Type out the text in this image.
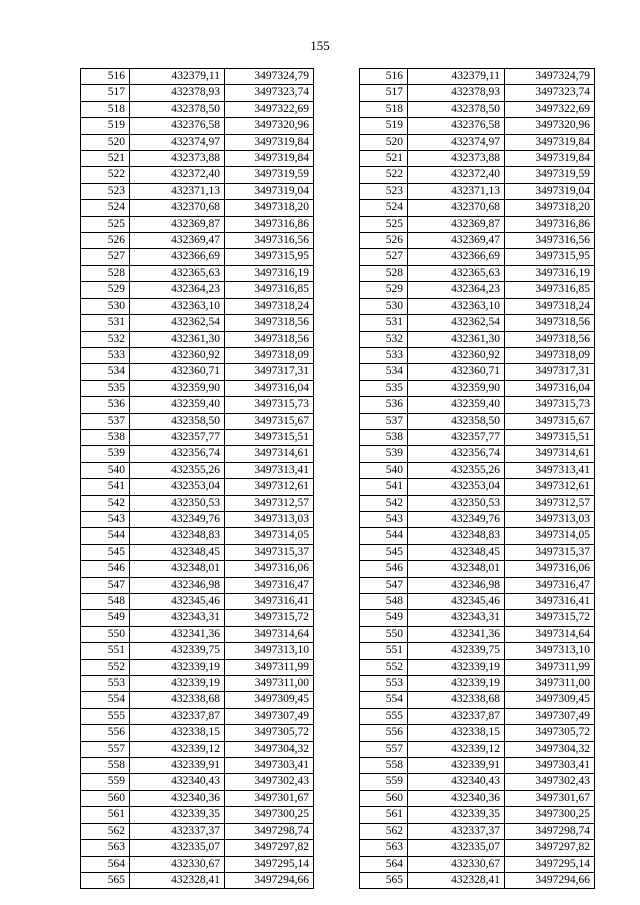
155
516	432379,11	3497324,79		516	432379,11	3497324,79
517	432378,93	3497323,74		517	432378,93	3497323,74
518	432378,50	3497322,69		518	432378,50	3497322,69
519	432376,58	3497320,96		519	432376,58	3497320,96
520	432374,97	3497319,84		520	432374,97	3497319,84
521	432373,88	3497319,84		521	432373,88	3497319,84
522	432372,40	3497319,59		522	432372,40	3497319,59
523	432371,13	3497319,04		523	432371,13	3497319,04
524	432370,68	3497318,20		524	432370,68	3497318,20
525	432369,87	3497316,86		525	432369,87	3497316,86
526	432369,47	3497316,56		526	432369,47	3497316,56
527	432366,69	3497315,95		527	432366,69	3497315,95
528	432365,63	3497316,19		528	432365,63	3497316,19
529	432364,23	3497316,85		529	432364,23	3497316,85
530	432363,10	3497318,24		530	432363,10	3497318,24
531	432362,54	3497318,56		531	432362,54	3497318,56
532	432361,30	3497318,56		532	432361,30	3497318,56
533	432360,92	3497318,09		533	432360,92	3497318,09
534	432360,71	3497317,31		534	432360,71	3497317,31
535	432359,90	3497316,04		535	432359,90	3497316,04
536	432359,40	3497315,73		536	432359,40	3497315,73
537	432358,50	3497315,67		537	432358,50	3497315,67
538	432357,77	3497315,51		538	432357,77	3497315,51
539	432356,74	3497314,61		539	432356,74	3497314,61
540	432355,26	3497313,41		540	432355,26	3497313,41
541	432353,04	3497312,61		541	432353,04	3497312,61
542	432350,53	3497312,57		542	432350,53	3497312,57
543	432349,76	3497313,03		543	432349,76	3497313,03
544	432348,83	3497314,05		544	432348,83	3497314,05
545	432348,45	3497315,37		545	432348,45	3497315,37
546	432348,01	3497316,06		546	432348,01	3497316,06
547	432346,98	3497316,47		547	432346,98	3497316,47
548	432345,46	3497316,41		548	432345,46	3497316,41
549	432343,31	3497315,72		549	432343,31	3497315,72
550	432341,36	3497314,64		550	432341,36	3497314,64
551	432339,75	3497313,10		551	432339,75	3497313,10
552	432339,19	3497311,99		552	432339,19	3497311,99
553	432339,19	3497311,00		553	432339,19	3497311,00
554	432338,68	3497309,45		554	432338,68	3497309,45
555	432337,87	3497307,49		555	432337,87	3497307,49
556	432338,15	3497305,72		556	432338,15	3497305,72
557	432339,12	3497304,32		557	432339,12	3497304,32
558	432339,91	3497303,41		558	432339,91	3497303,41
559	432340,43	3497302,43		559	432340,43	3497302,43
560	432340,36	3497301,67		560	432340,36	3497301,67
561	432339,35	3497300,25		561	432339,35	3497300,25
562	432337,37	3497298,74		562	432337,37	3497298,74
563	432335,07	3497297,82		563	432335,07	3497297,82
564	432330,67	3497295,14		564	432330,67	3497295,14
565	432328,41	3497294,66		565	432328,41	3497294,66
